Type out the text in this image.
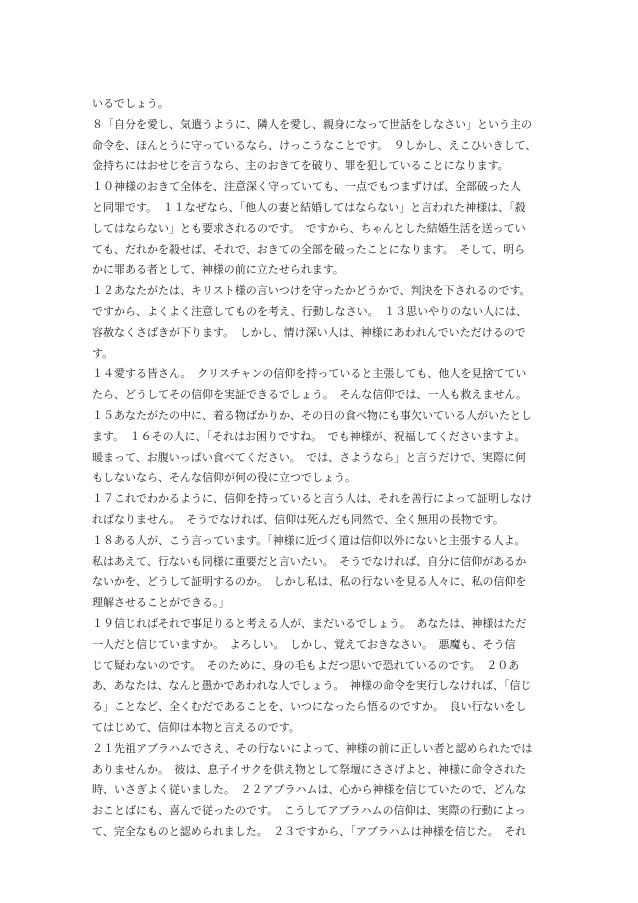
いるでしょう。
８「自分を愛し、気遣うように、隣人を愛し、親身になって世話をしなさい」という主の
命令を、ほんとうに守っているなら、けっこうなことです。　９しかし、えこひいきして、
金持ちにはおせじを言うなら、主のおきてを破り、罪を犯していることになります。
１０神様のおきて全体を、注意深く守っていても、一点でもつまずけば、全部破った人
と同罪です。　１１なぜなら、「他人の妻と結婚してはならない」と言われた神様は、「殺
してはならない」とも要求されるのです。　ですから、ちゃんとした結婚生活を送ってい
ても、だれかを殺せば、それで、おきての全部を破ったことになります。　そして、明ら
かに罪ある者として、神様の前に立たせられます。
１２あなたがたは、キリスト様の言いつけを守ったかどうかで、判決を下されるのです。
ですから、よくよく注意してものを考え、行動しなさい。　１３思いやりのない人には、
容赦なくさばきが下ります。　しかし、情け深い人は、神様にあわれんでいただけるので
す。
１４愛する皆さん。　クリスチャンの信仰を持っていると主張しても、他人を見捨ててい
たら、どうしてその信仰を実証できるでしょう。　そんな信仰では、一人も救えません。
１５あなたがたの中に、着る物ばかりか、その日の食べ物にも事欠いている人がいたとし
ます。　１６その人に、「それはお困りですね。　でも神様が、祝福してくださいますよ。
暖まって、お腹いっぱい食べてください。　では、さようなら」と言うだけで、実際に何
もしないなら、そんな信仰が何の役に立つでしょう。
１７これでわかるように、信仰を持っていると言う人は、それを善行によって証明しなけ
ればなりません。　そうでなければ、信仰は死んだも同然で、全く無用の長物です。
１８ある人が、こう言っています。「神様に近づく道は信仰以外にないと主張する人よ。
私はあえて、行ないも同様に重要だと言いたい。　そうでなければ、自分に信仰があるか
ないかを、どうして証明するのか。　しかし私は、私の行ないを見る人々に、私の信仰を
理解させることができる。」
１９信じればそれで事足りると考える人が、まだいるでしょう。　あなたは、神様はただ
一人だと信じていますか。　よろしい。　しかし、覚えておきなさい。　悪魔も、そう信
じて疑わないのです。　そのために、身の毛もよだつ思いで恐れているのです。　２０あ
あ、あなたは、なんと愚かであわれな人でしょう。　神様の命令を実行しなければ、「信じ
る」ことなど、全くむだであることを、いつになったら悟るのですか。　良い行ないをし
てはじめて、信仰は本物と言えるのです。
２１先祖アブラハムでさえ、その行ないによって、神様の前に正しい者と認められたでは
ありませんか。　彼は、息子イサクを供え物として祭壇にささげよと、神様に命令された
時、いさぎよく従いました。　２２アブラハムは、心から神様を信じていたので、どんな
おことばにも、喜んで従ったのです。　こうしてアブラハムの信仰は、実際の行動によっ
て、完全なものと認められました。　２３ですから、「アブラハムは神様を信じた。　それ
